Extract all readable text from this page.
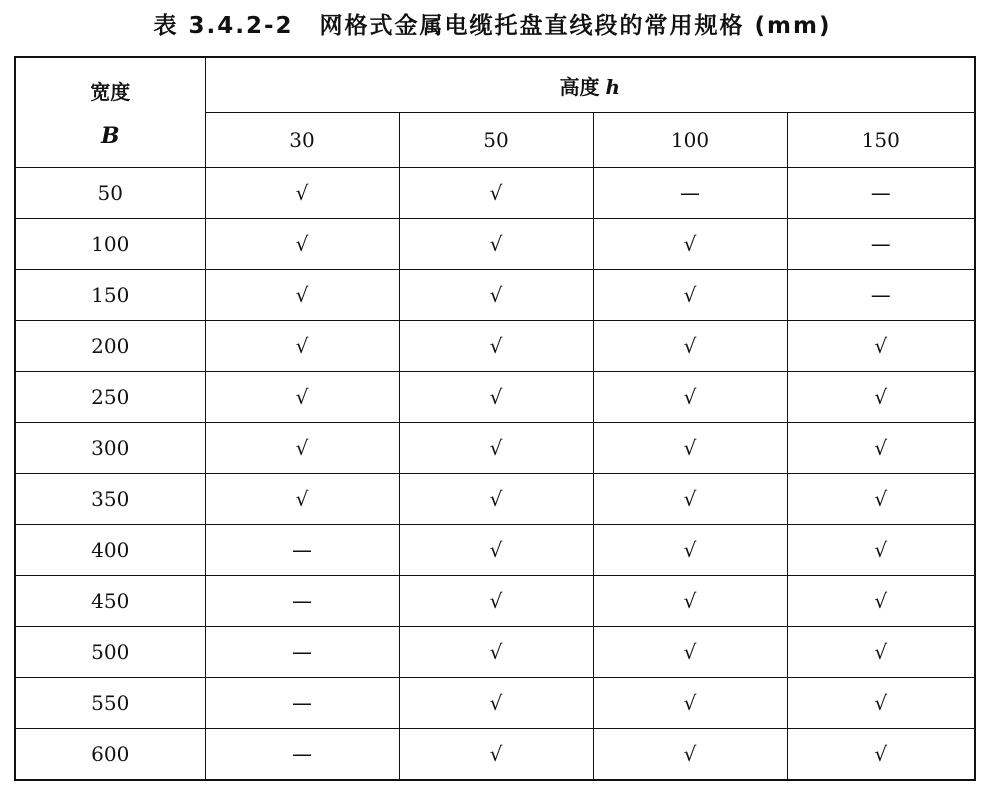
表 3.4.2-2 网格式金属电缆托盘直线段的常用规格 (mm)
宽度
B	高度 h			
	30	50	100	150
50	√	√	—	—
100	√	√	√	—
150	√	√	√	—
200	√	√	√	√
250	√	√	√	√
300	√	√	√	√
350	√	√	√	√
400	—	√	√	√
450	—	√	√	√
500	—	√	√	√
550	—	√	√	√
600	—	√	√	√
